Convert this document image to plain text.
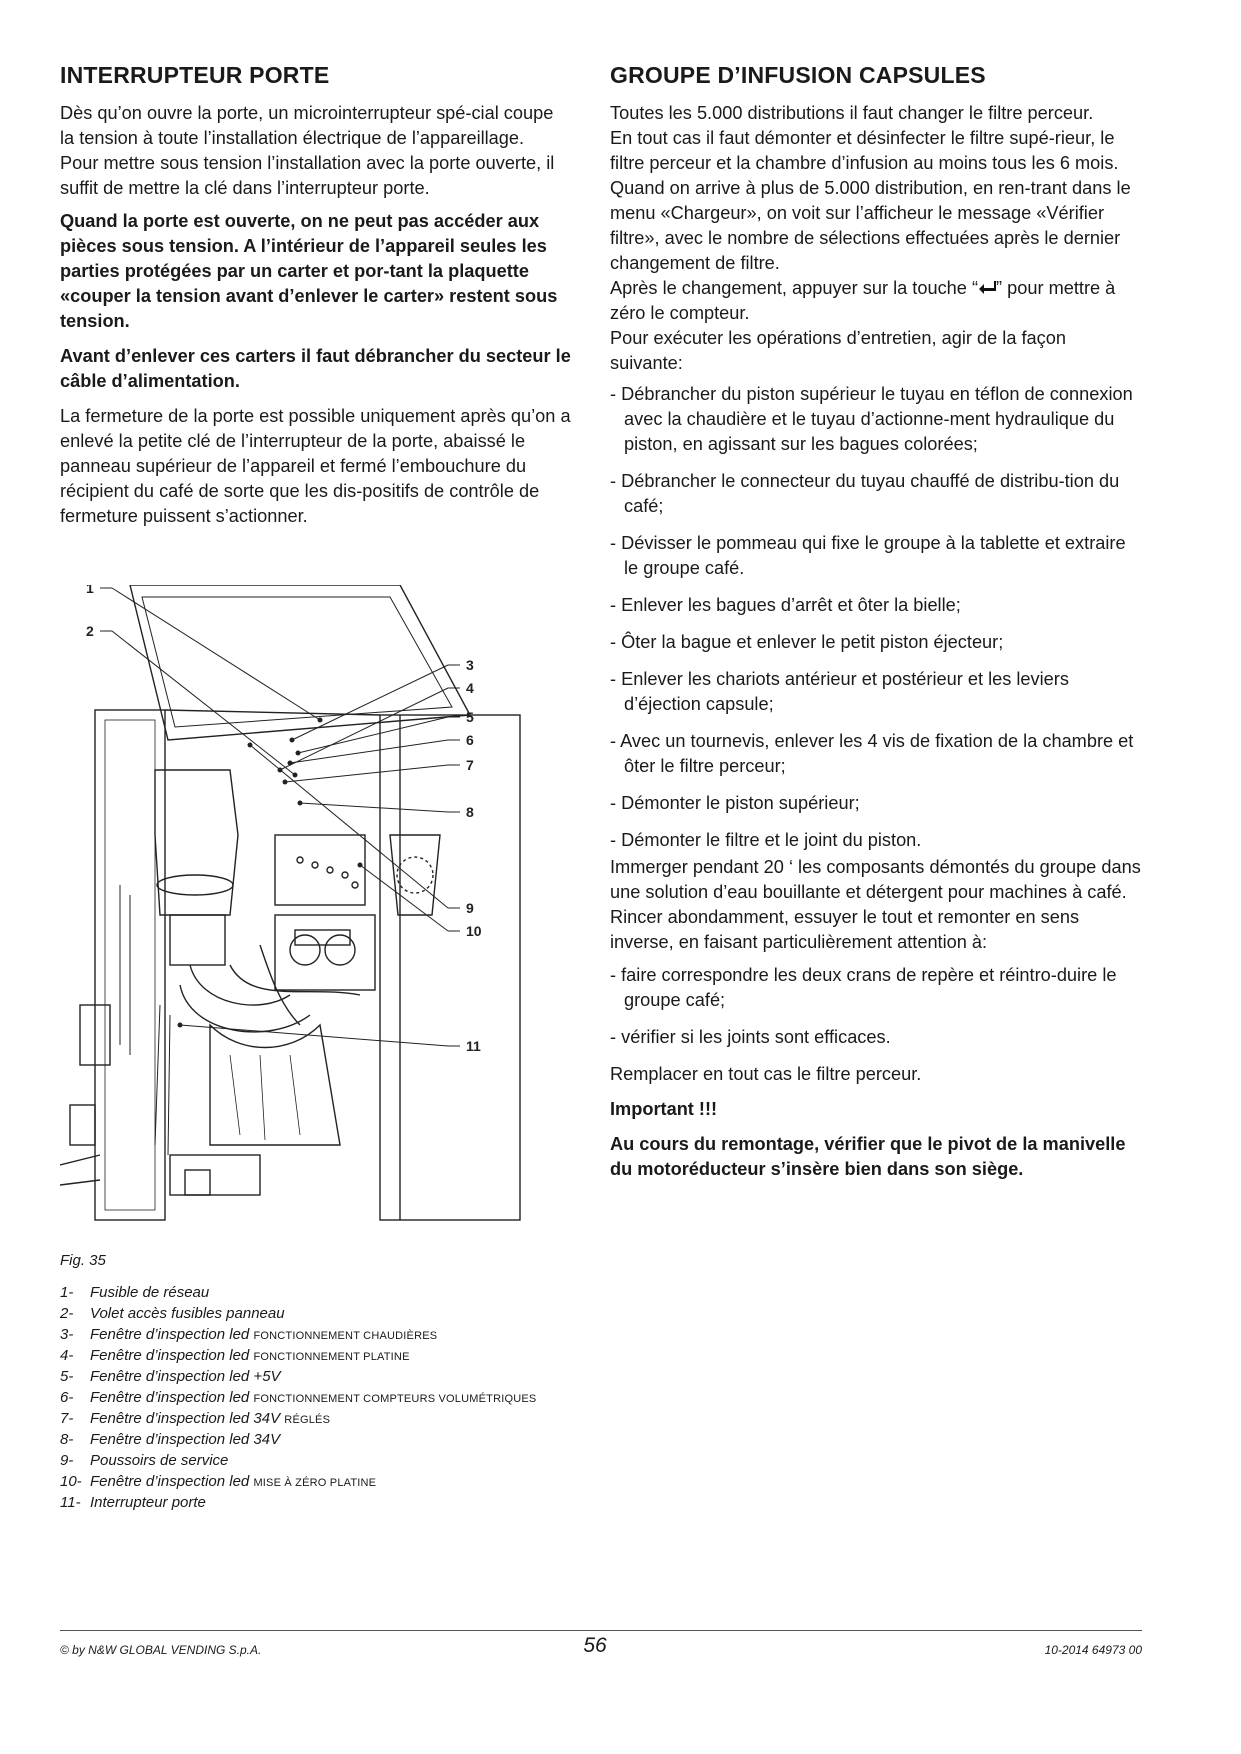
INTERRUPTEUR PORTE

Dès qu’on ouvre la porte, un microinterrupteur spé-cial coupe la tension à toute l’installation électrique de l’appareillage.

Pour mettre sous tension l’installation avec la porte ouverte, il suffit de mettre la clé dans l’interrupteur porte.

Quand la porte est ouverte, on ne peut pas accéder aux pièces sous tension. A l’intérieur de l’appareil seules les parties protégées par un carter et por-tant la plaquette «couper la tension avant d’enlever le carter» restent sous tension.

Avant d’enlever ces carters il faut débrancher du secteur le câble d’alimentation.

La fermeture de la porte est possible uniquement après qu’on a enlevé la petite clé de l’interrupteur de la porte, abaissé le panneau supérieur de l’appareil et fermé l’embouchure du récipient du café de sorte que les dis-positifs de contrôle de fermeture puissent s’actionner.

1
2
3
4
5
6
7
8
9
10
11
Fig. 35
1- Fusible de réseau
2- Volet accès fusibles panneau
3- Fenêtre d’inspection led FONCTIONNEMENT CHAUDIÈRES
4- Fenêtre d’inspection led FONCTIONNEMENT PLATINE
5- Fenêtre d’inspection led +5V
6- Fenêtre d’inspection led FONCTIONNEMENT COMPTEURS VOLUMÉTRIQUES
7- Fenêtre d’inspection led 34V RÉGLÉS
8- Fenêtre d’inspection led 34V
9- Poussoirs de service
10- Fenêtre d’inspection led MISE À ZÉRO PLATINE
11- Interrupteur porte
GROUPE D’INFUSION CAPSULES

Toutes les 5.000 distributions il faut changer le filtre perceur.

En tout cas il faut démonter et désinfecter le filtre supé-rieur, le filtre perceur et la chambre d’infusion au moins tous les 6 mois.

Quand on arrive à plus de 5.000 distribution, en ren-trant dans le menu «Chargeur», on voit sur l’afficheur le message «Vérifier filtre», avec le nombre de sélections effectuées après le dernier changement de filtre.

Après le changement, appuyer sur la touche “ ” pour mettre à zéro le compteur.

Pour exécuter les opérations d’entretien, agir de la façon suivante:

- Débrancher du piston supérieur le tuyau en téflon de connexion avec la chaudière et le tuyau d’actionne-ment hydraulique du piston, en agissant sur les bagues colorées;
- Débrancher le connecteur du tuyau chauffé de distribu-tion du café;
- Dévisser le pommeau qui fixe le groupe à la tablette et extraire le groupe café.
- Enlever les bagues d’arrêt et ôter la bielle;
- Ôter la bague et enlever le petit piston éjecteur;
- Enlever les chariots antérieur et postérieur et les leviers d’éjection capsule;
- Avec un tournevis, enlever les 4 vis de fixation de la chambre et ôter le filtre perceur;
- Démonter le piston supérieur;
- Démonter le filtre et le joint du piston.

Immerger pendant 20 ‘ les composants démontés du groupe dans une solution d’eau bouillante et détergent pour machines à café.

Rincer abondamment, essuyer le tout et remonter en sens inverse, en faisant particulièrement attention à:

- faire correspondre les deux crans de repère et réintro-duire le groupe café;
- vérifier si les joints sont efficaces.

Remplacer en tout cas le filtre perceur.

Important !!!

Au cours du remontage, vérifier que le pivot de la manivelle du motoréducteur s’insère bien dans son siège.

© by N&W GLOBAL VENDING S.p.A.	56	10-2014 64973 00
